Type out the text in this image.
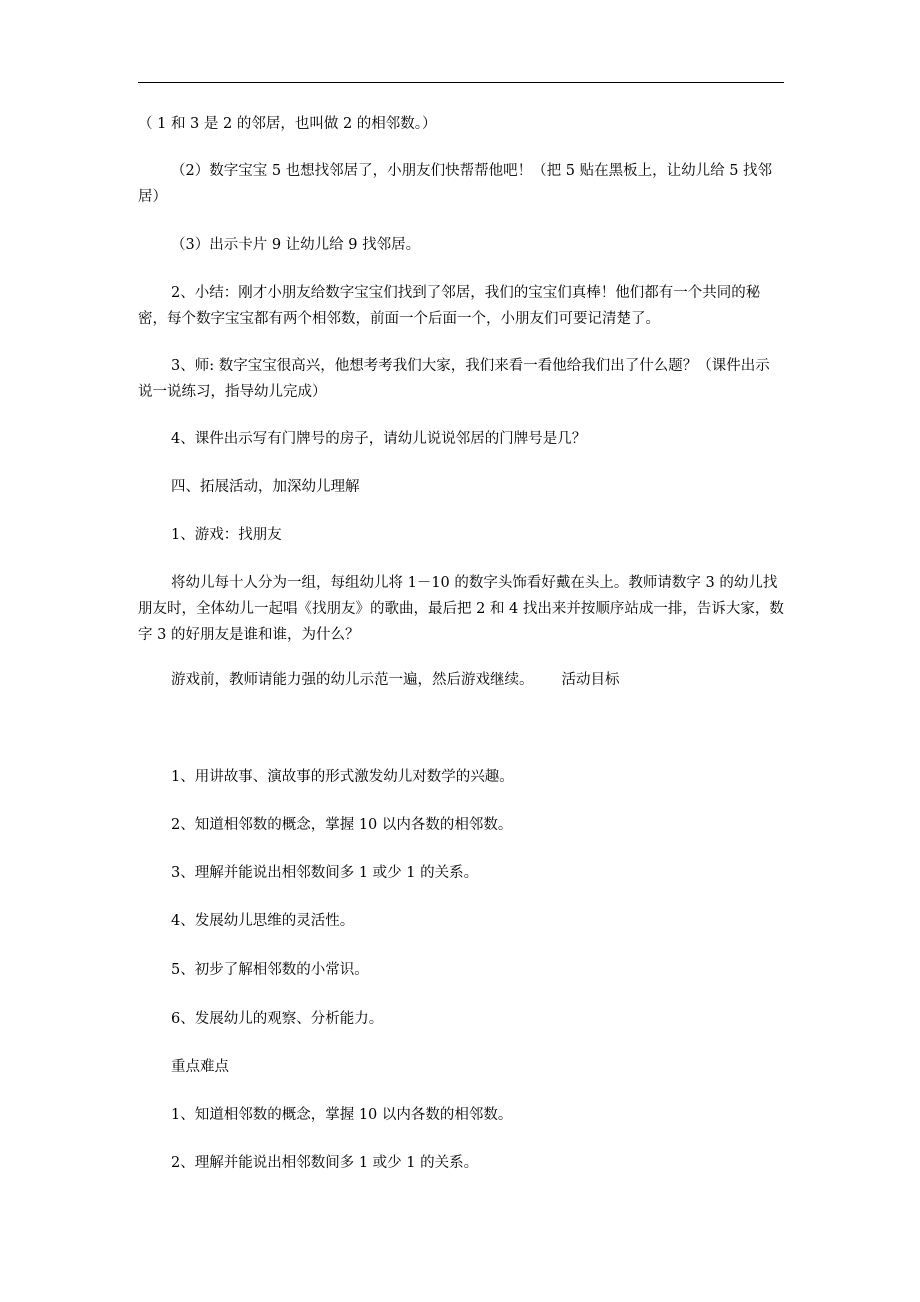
（ 1 和 3 是 2 的邻居，也叫做 2 的相邻数。）

（2）数字宝宝 5 也想找邻居了，小朋友们快帮帮他吧！（把 5 贴在黑板上，让幼儿给 5 找邻居）

（3）出示卡片 9 让幼儿给 9 找邻居。

2、小结：刚才小朋友给数字宝宝们找到了邻居，我们的宝宝们真棒！他们都有一个共同的秘密，每个数字宝宝都有两个相邻数，前面一个后面一个，小朋友们可要记清楚了。

3、师: 数字宝宝很高兴，他想考考我们大家，我们来看一看他给我们出了什么题？（课件出示说一说练习，指导幼儿完成）

4、课件出示写有门牌号的房子，请幼儿说说邻居的门牌号是几？

四、拓展活动，加深幼儿理解

1、游戏：找朋友

将幼儿每十人分为一组，每组幼儿将 1－10 的数字头饰看好戴在头上。教师请数字 3 的幼儿找朋友时，全体幼儿一起唱《找朋友》的歌曲，最后把 2 和 4 找出来并按顺序站成一排，告诉大家，数字 3 的好朋友是谁和谁，为什么？

游戏前，教师请能力强的幼儿示范一遍，然后游戏继续。 活动目标

1、用讲故事、演故事的形式激发幼儿对数学的兴趣。

2、知道相邻数的概念，掌握 10 以内各数的相邻数。

3、理解并能说出相邻数间多 1 或少 1 的关系。

4、发展幼儿思维的灵活性。

5、初步了解相邻数的小常识。

6、发展幼儿的观察、分析能力。

重点难点

1、知道相邻数的概念，掌握 10 以内各数的相邻数。

2、理解并能说出相邻数间多 1 或少 1 的关系。
